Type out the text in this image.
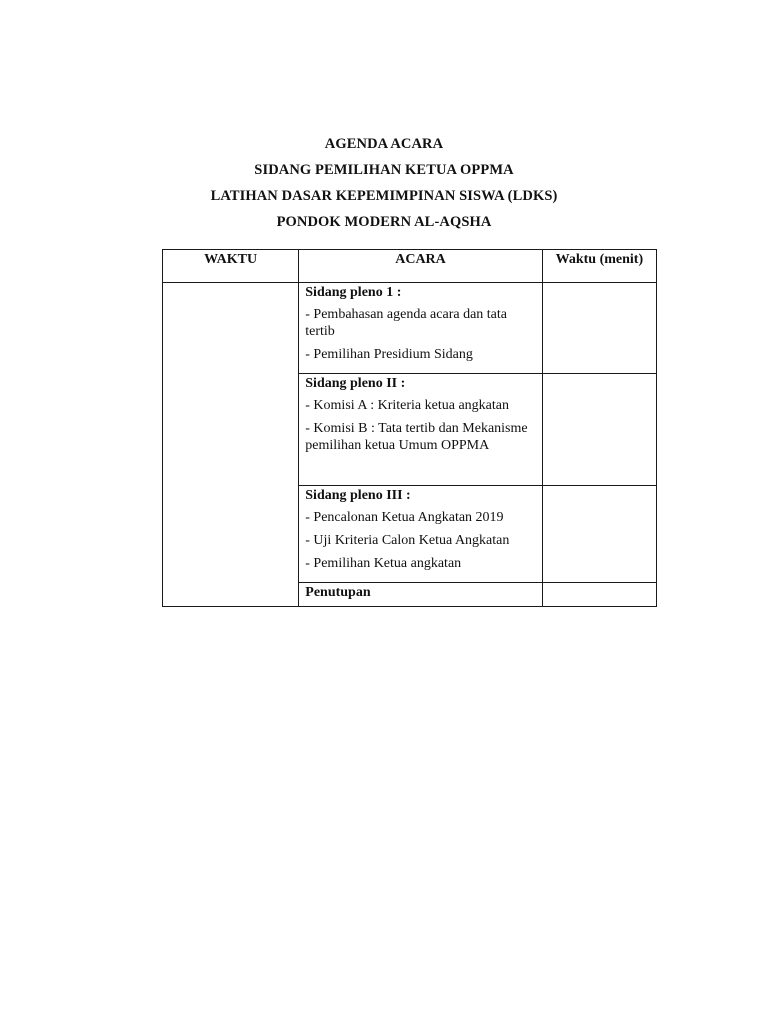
AGENDA ACARA
SIDANG PEMILIHAN KETUA OPPMA
LATIHAN DASAR KEPEMIMPINAN SISWA (LDKS)
PONDOK MODERN AL-AQSHA
WAKTU	ACARA	Waktu (menit)

	Sidang pleno 1 :
- Pembahasan agenda acara dan tata tertib
- Pemilihan Presidium Sidang	

	Sidang pleno II :
- Komisi A : Kriteria ketua angkatan
- Komisi B : Tata tertib dan Mekanisme pemilihan ketua Umum OPPMA	

	Sidang pleno III :
- Pencalonan Ketua Angkatan 2019
- Uji Kriteria Calon Ketua Angkatan
- Pemilihan Ketua angkatan	

	Penutupan	
